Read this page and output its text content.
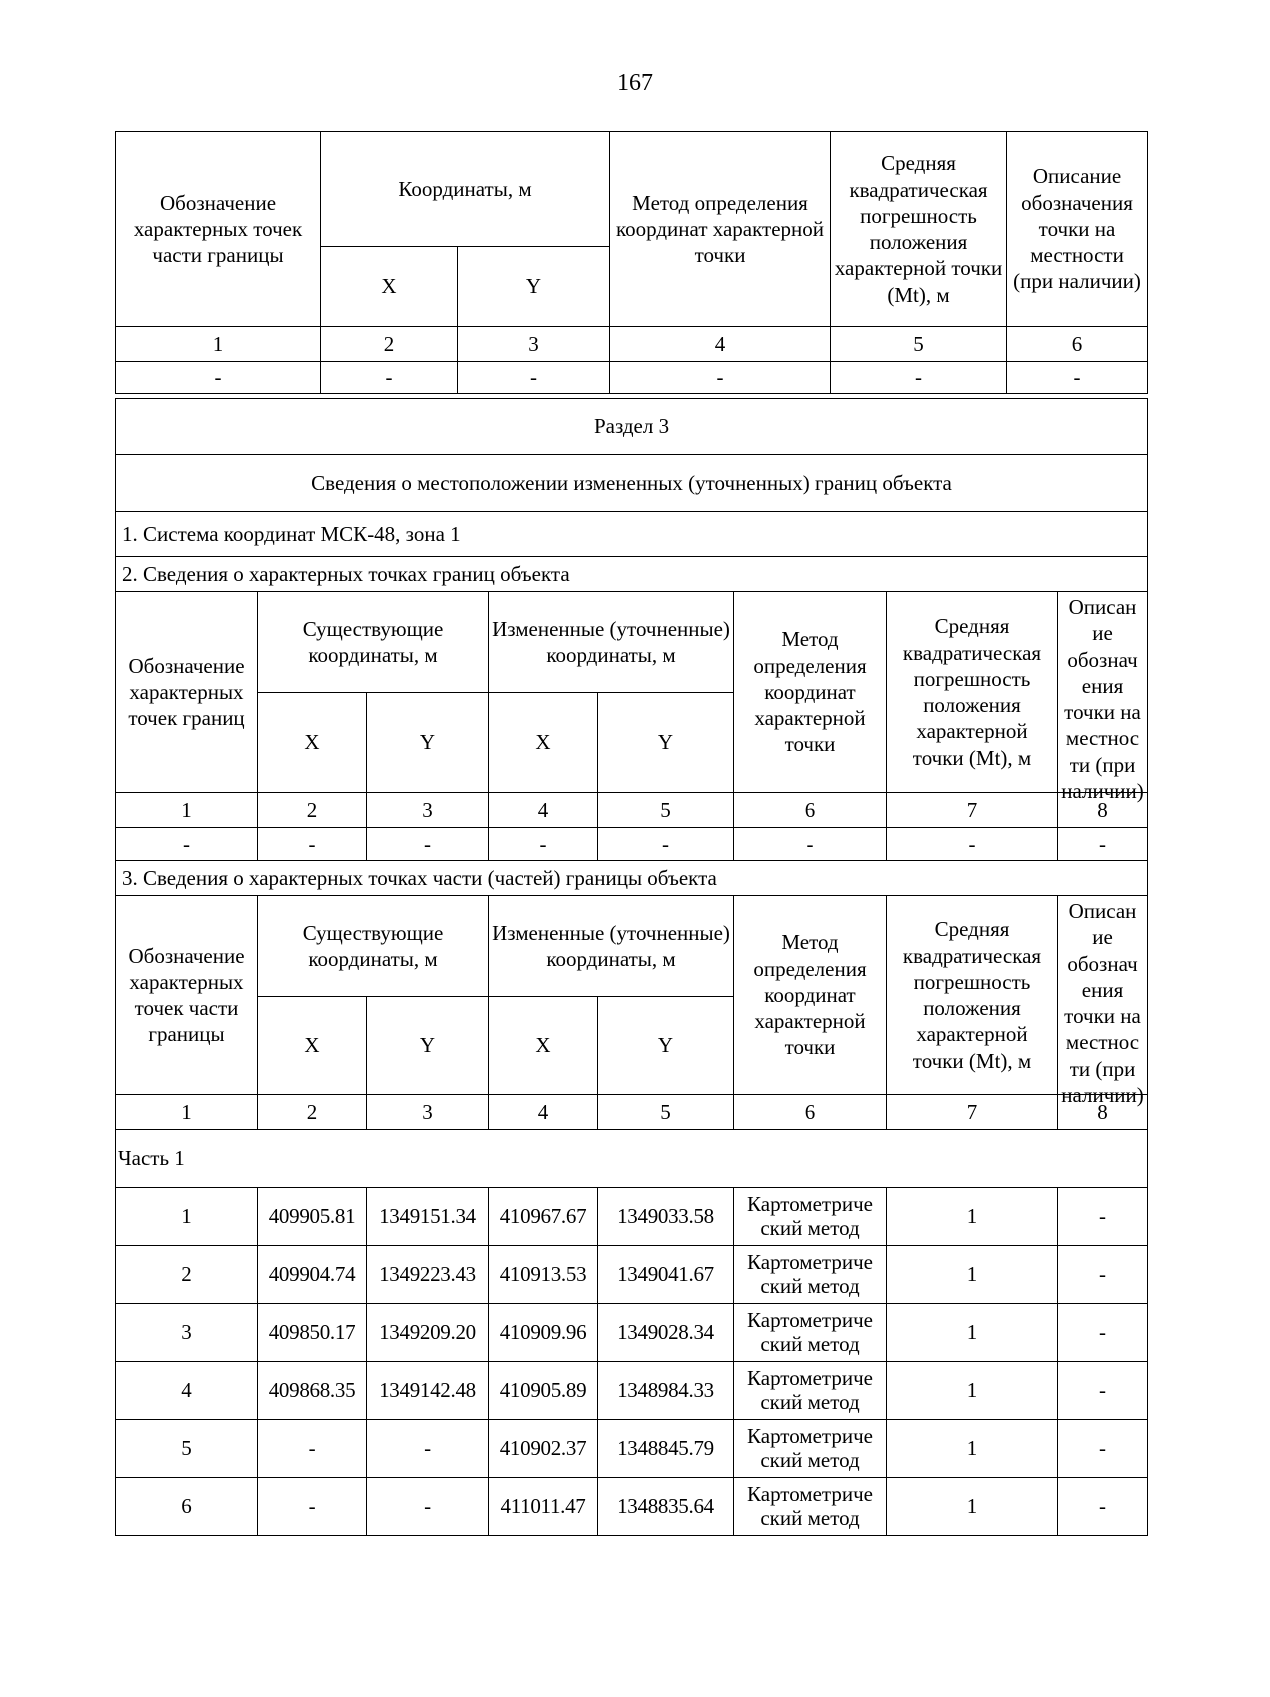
167
Обозначение характерных точек части границы	Координаты, м		Метод определения координат характерной точки	Средняя квадратическая погрешность положения характерной точки (Mt), м	Описание обозначения точки на местности (при наличии)
	X	Y			
1	2	3	4	5	6
-	-	-	-	-	-
Раздел 3							
Сведения о местоположении измененных (уточненных) границ объекта							
1. Система координат МСК-48, зона 1							
2. Сведения о характерных точках границ объекта							
Обозначение характерных точек границ	Существующие координаты, м		Измененные (уточненные) координаты, м		Метод определения координат характерной точки	Средняя квадратическая погрешность положения характерной точки (Mt), м	Описан ие обознач ения точки на местнос ти (при наличии)

	X	Y	X	Y			
1	2	3	4	5	6	7	8
-	-	-	-	-	-	-	-
3. Сведения о характерных точках части (частей) границы объекта							
Обозначение характерных точек части границы	Существующие координаты, м		Измененные (уточненные) координаты, м		Метод определения координат характерной точки	Средняя квадратическая погрешность положения характерной точки (Mt), м	Описан ие обознач ения точки на местнос ти (при наличии)

	X	Y	X	Y			
1	2	3	4	5	6	7	8
Часть 1							
1	409905.81	1349151.34	410967.67	1349033.58	Картометриче ский метод	1	-
2	409904.74	1349223.43	410913.53	1349041.67	Картометриче ский метод	1	-
3	409850.17	1349209.20	410909.96	1349028.34	Картометриче ский метод	1	-
4	409868.35	1349142.48	410905.89	1348984.33	Картометриче ский метод	1	-
5	-	-	410902.37	1348845.79	Картометриче ский метод	1	-
6	-	-	411011.47	1348835.64	Картометриче ский метод	1	-
